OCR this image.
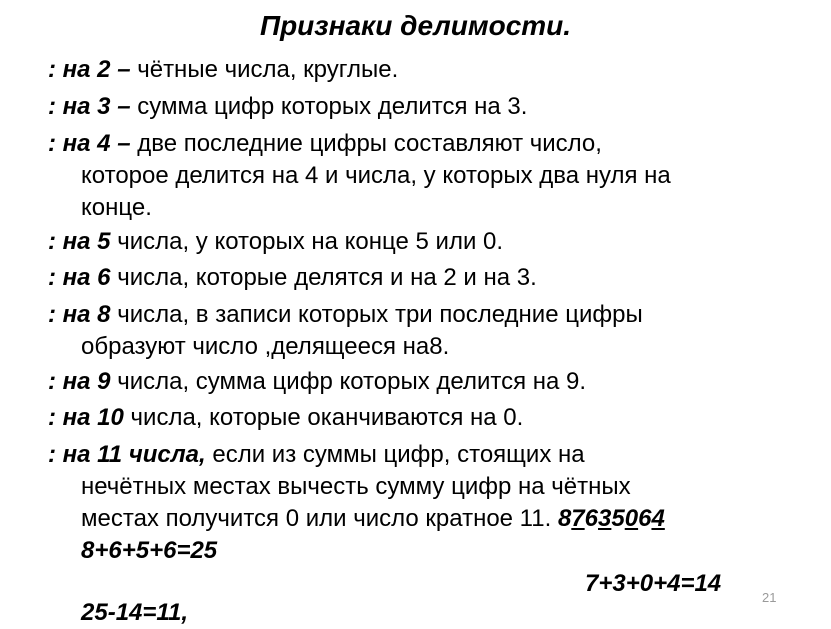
Признаки делимости.
: на 2 – чётные числа, круглые.
: на 3 – сумма цифр которых делится на 3.
: на 4 – две последние цифры составляют число,
которое делится на 4 и числа, у которых два нуля на
конце.
: на 5 числа, у которых на конце 5 или 0.
: на 6 числа, которые делятся и на 2 и на 3.
: на 8 числа, в записи которых три последние цифры
образуют число ,делящееся на8.
: на 9 числа, сумма цифр которых делится на 9.
: на 10 числа, которые оканчиваются на 0.
: на 11 числа, если из суммы цифр, стоящих на
нечётных местах вычесть сумму цифр на чётных
местах получится 0 или число кратное 11. 87635064
8+6+5+6=25
7+3+0+4=14
25-14=11,
21
